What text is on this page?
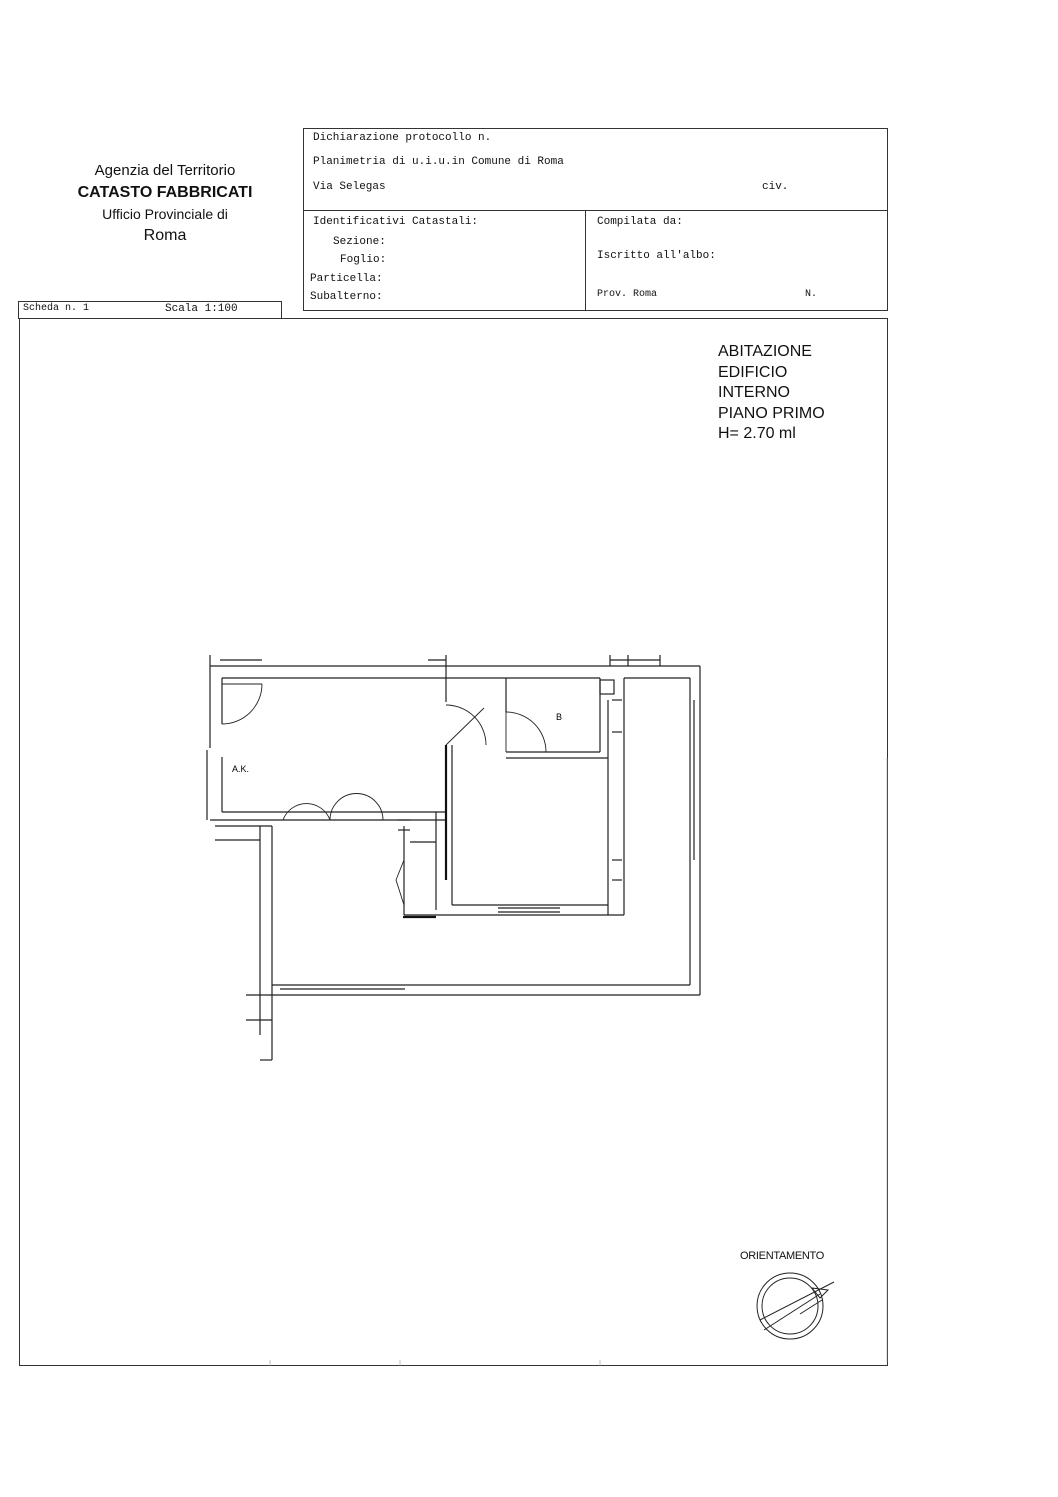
Agenzia del Territorio
CATASTO FABBRICATI
Ufficio Provinciale di
Roma
Dichiarazione protocollo n.
Planimetria di u.i.u.in Comune di Roma
Via Selegas	civ.
Identificativi Catastali:
Sezione:
Foglio:
Particella:
Subalterno:
Compilata da:
Iscritto all'albo:
Prov. Roma	N.
Scheda n. 1	Scala 1:100
ABITAZIONE
EDIFICIO
INTERNO
PIANO PRIMO
H= 2.70 ml
A.K.
B
ORIENTAMENTO
